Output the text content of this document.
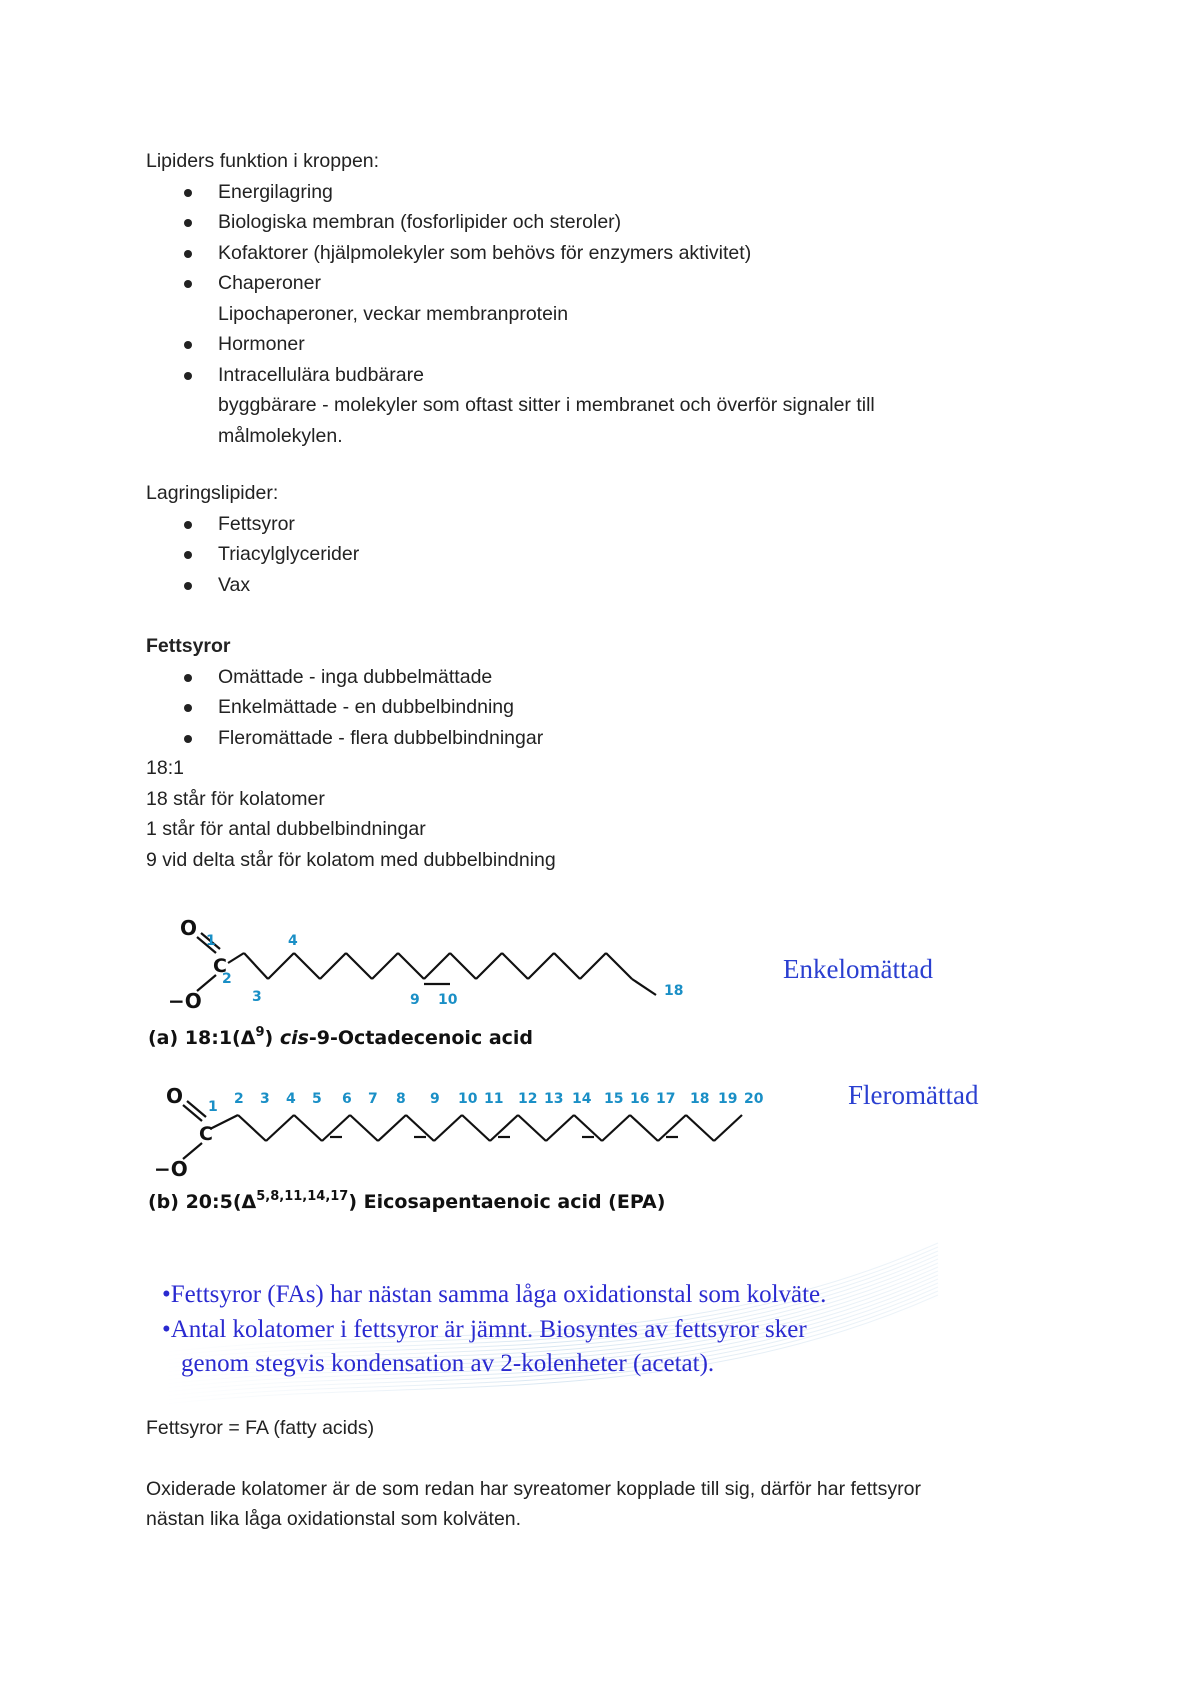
Lipiders funktion i kroppen:
Energilagring
Biologiska membran (fosforlipider och steroler)
Kofaktorer (hjälpmolekyler som behövs för enzymers aktivitet)
Chaperoner
Lipochaperoner, veckar membranprotein
Hormoner
Intracellulära budbärare
byggbärare - molekyler som oftast sitter i membranet och överför signaler till
målmolekylen.
Lagringslipider:
Fettsyror
Triacylglycerider
Vax
Fettsyror
Omättade - inga dubbelmättade
Enkelmättade - en dubbelbindning
Fleromättade - flera dubbelbindningar
18:1
18 står för kolatomer
1 står för antal dubbelbindningar
9 vid delta står för kolatom med dubbelbindning
O
C
−O
1
2
3
4
9 10
18
O
C
−O
1 2 3 4 5 6 7 8 9 10 11 12 13 14 15 16 17 18 19 20
Enkelomättad
Fleromättad
(a) $18:1(\Delta^9)$ cis-9-Octadecenoic acid
(b) $20:5(\Delta^{5,8,11,14,17})$ Eicosapentaenoic acid (EPA)
•Fettsyror (FAs) har nästan samma låga oxidationstal som kolväte.
•Antal kolatomer i fettsyror är jämnt. Biosyntes av fettsyror sker
genom stegvis kondensation av 2-kolenheter (acetat).
Fettsyror = FA (fatty acids)
Oxiderade kolatomer är de som redan har syreatomer kopplade till sig, därför har fettsyror
nästan lika låga oxidationstal som kolväten.
